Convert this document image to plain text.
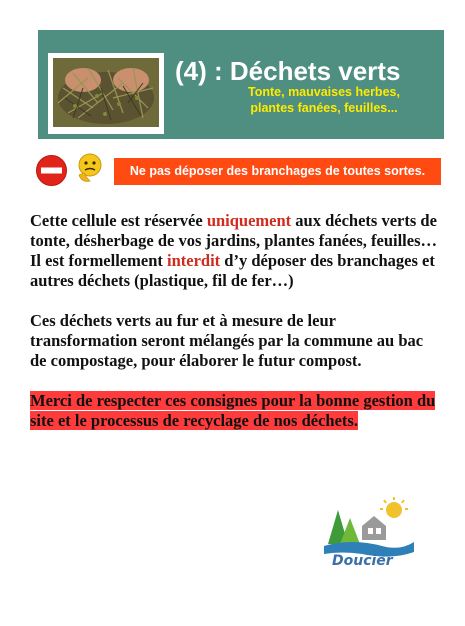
(4) : Déchets verts
Tonte, mauvaises herbes,
plantes fanées, feuilles...
Ne pas déposer des branchages de toutes sortes.

Cette cellule est réservée uniquement aux déchets verts de tonte, désherbage de vos jardins, plantes fanées, feuilles…

Il est formellement interdit d’y déposer des branchages et autres déchets (plastique, fil de fer…)

Ces déchets verts au fur et à mesure de leur transformation seront mélangés par la commune au bac de compostage, pour élaborer le futur compost.

Merci de respecter ces consignes pour la bonne gestion du site et le processus de recyclage de nos déchets.

Doucier
